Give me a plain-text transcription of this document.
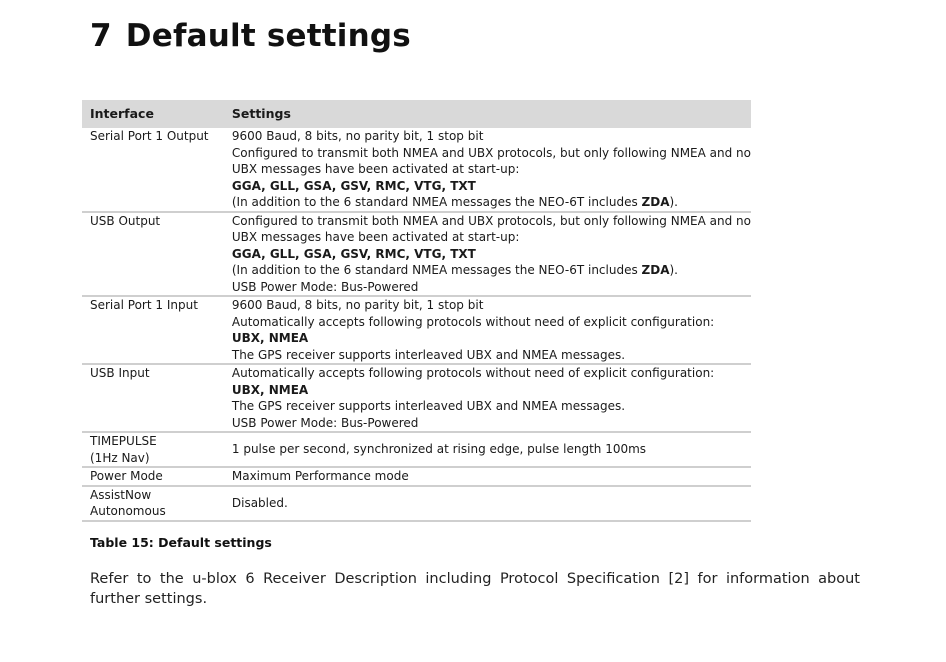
7 Default settings
Interface	Settings

Serial Port 1 Output	9600 Baud, 8 bits, no parity bit, 1 stop bit
Configured to transmit both NMEA and UBX protocols, but only following NMEA and no
UBX messages have been activated at start-up:
GGA, GLL, GSA, GSV, RMC, VTG, TXT
(In addition to the 6 standard NMEA messages the NEO-6T includes ZDA).

USB Output	Configured to transmit both NMEA and UBX protocols, but only following NMEA and no
UBX messages have been activated at start-up:
GGA, GLL, GSA, GSV, RMC, VTG, TXT
(In addition to the 6 standard NMEA messages the NEO-6T includes ZDA).
USB Power Mode: Bus-Powered

Serial Port 1 Input	9600 Baud, 8 bits, no parity bit, 1 stop bit
Automatically accepts following protocols without need of explicit configuration:
UBX, NMEA
The GPS receiver supports interleaved UBX and NMEA messages.

USB Input	Automatically accepts following protocols without need of explicit configuration:
UBX, NMEA
The GPS receiver supports interleaved UBX and NMEA messages.
USB Power Mode: Bus-Powered

TIMEPULSE
(1Hz Nav)	1 pulse per second, synchronized at rising edge, pulse length 100ms

Power Mode	Maximum Performance mode

AssistNow
Autonomous	Disabled.
Table 15: Default settings
Refer to the u-blox 6 Receiver Description including Protocol Specification [2] for information about further settings.
